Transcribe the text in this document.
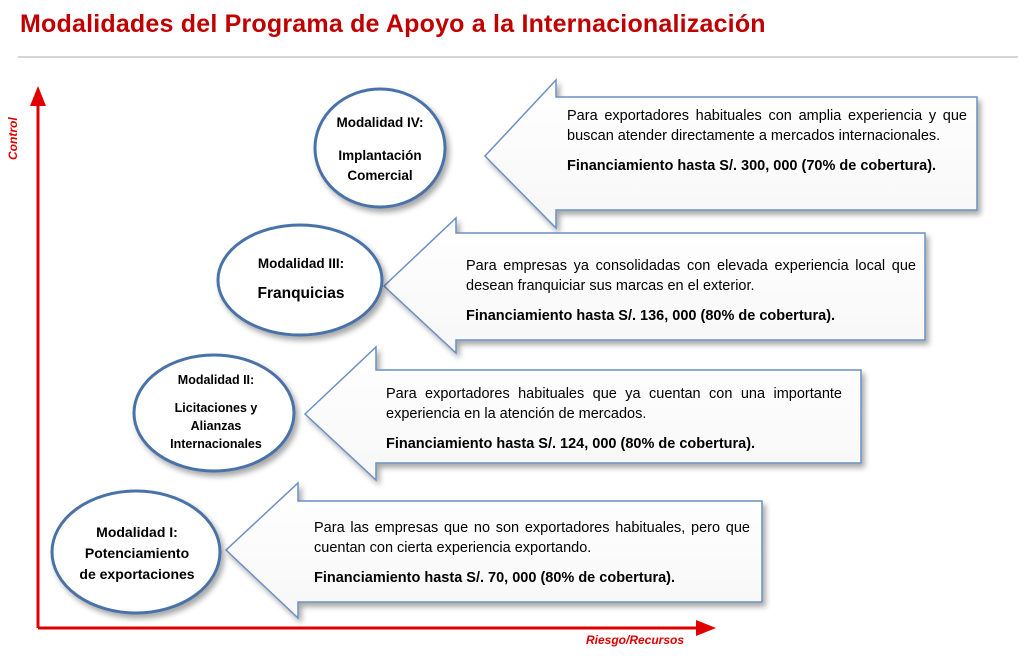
Modalidades del Programa de Apoyo a la Internacionalización
Control
Riesgo/Recursos
Modalidad IV:
Implantación
Comercial
Modalidad III:
Franquicias
Modalidad II:
Licitaciones y
Alianzas
Internacionales
Modalidad I:
Potenciamiento
de exportaciones

Para exportadores habituales con amplia experiencia y que buscan atender directamente a mercados internacionales.

Financiamiento hasta S/. 300, 000 (70% de cobertura).

Para empresas ya consolidadas con elevada experiencia local que desean franquiciar sus marcas en el exterior.

Financiamiento hasta S/. 136, 000 (80% de cobertura).

Para exportadores habituales que ya cuentan con una importante experiencia en la atención de mercados.

Financiamiento hasta S/. 124, 000 (80% de cobertura).

Para las empresas que no son exportadores habituales, pero que cuentan con cierta experiencia exportando.

Financiamiento hasta S/. 70, 000 (80% de cobertura).
